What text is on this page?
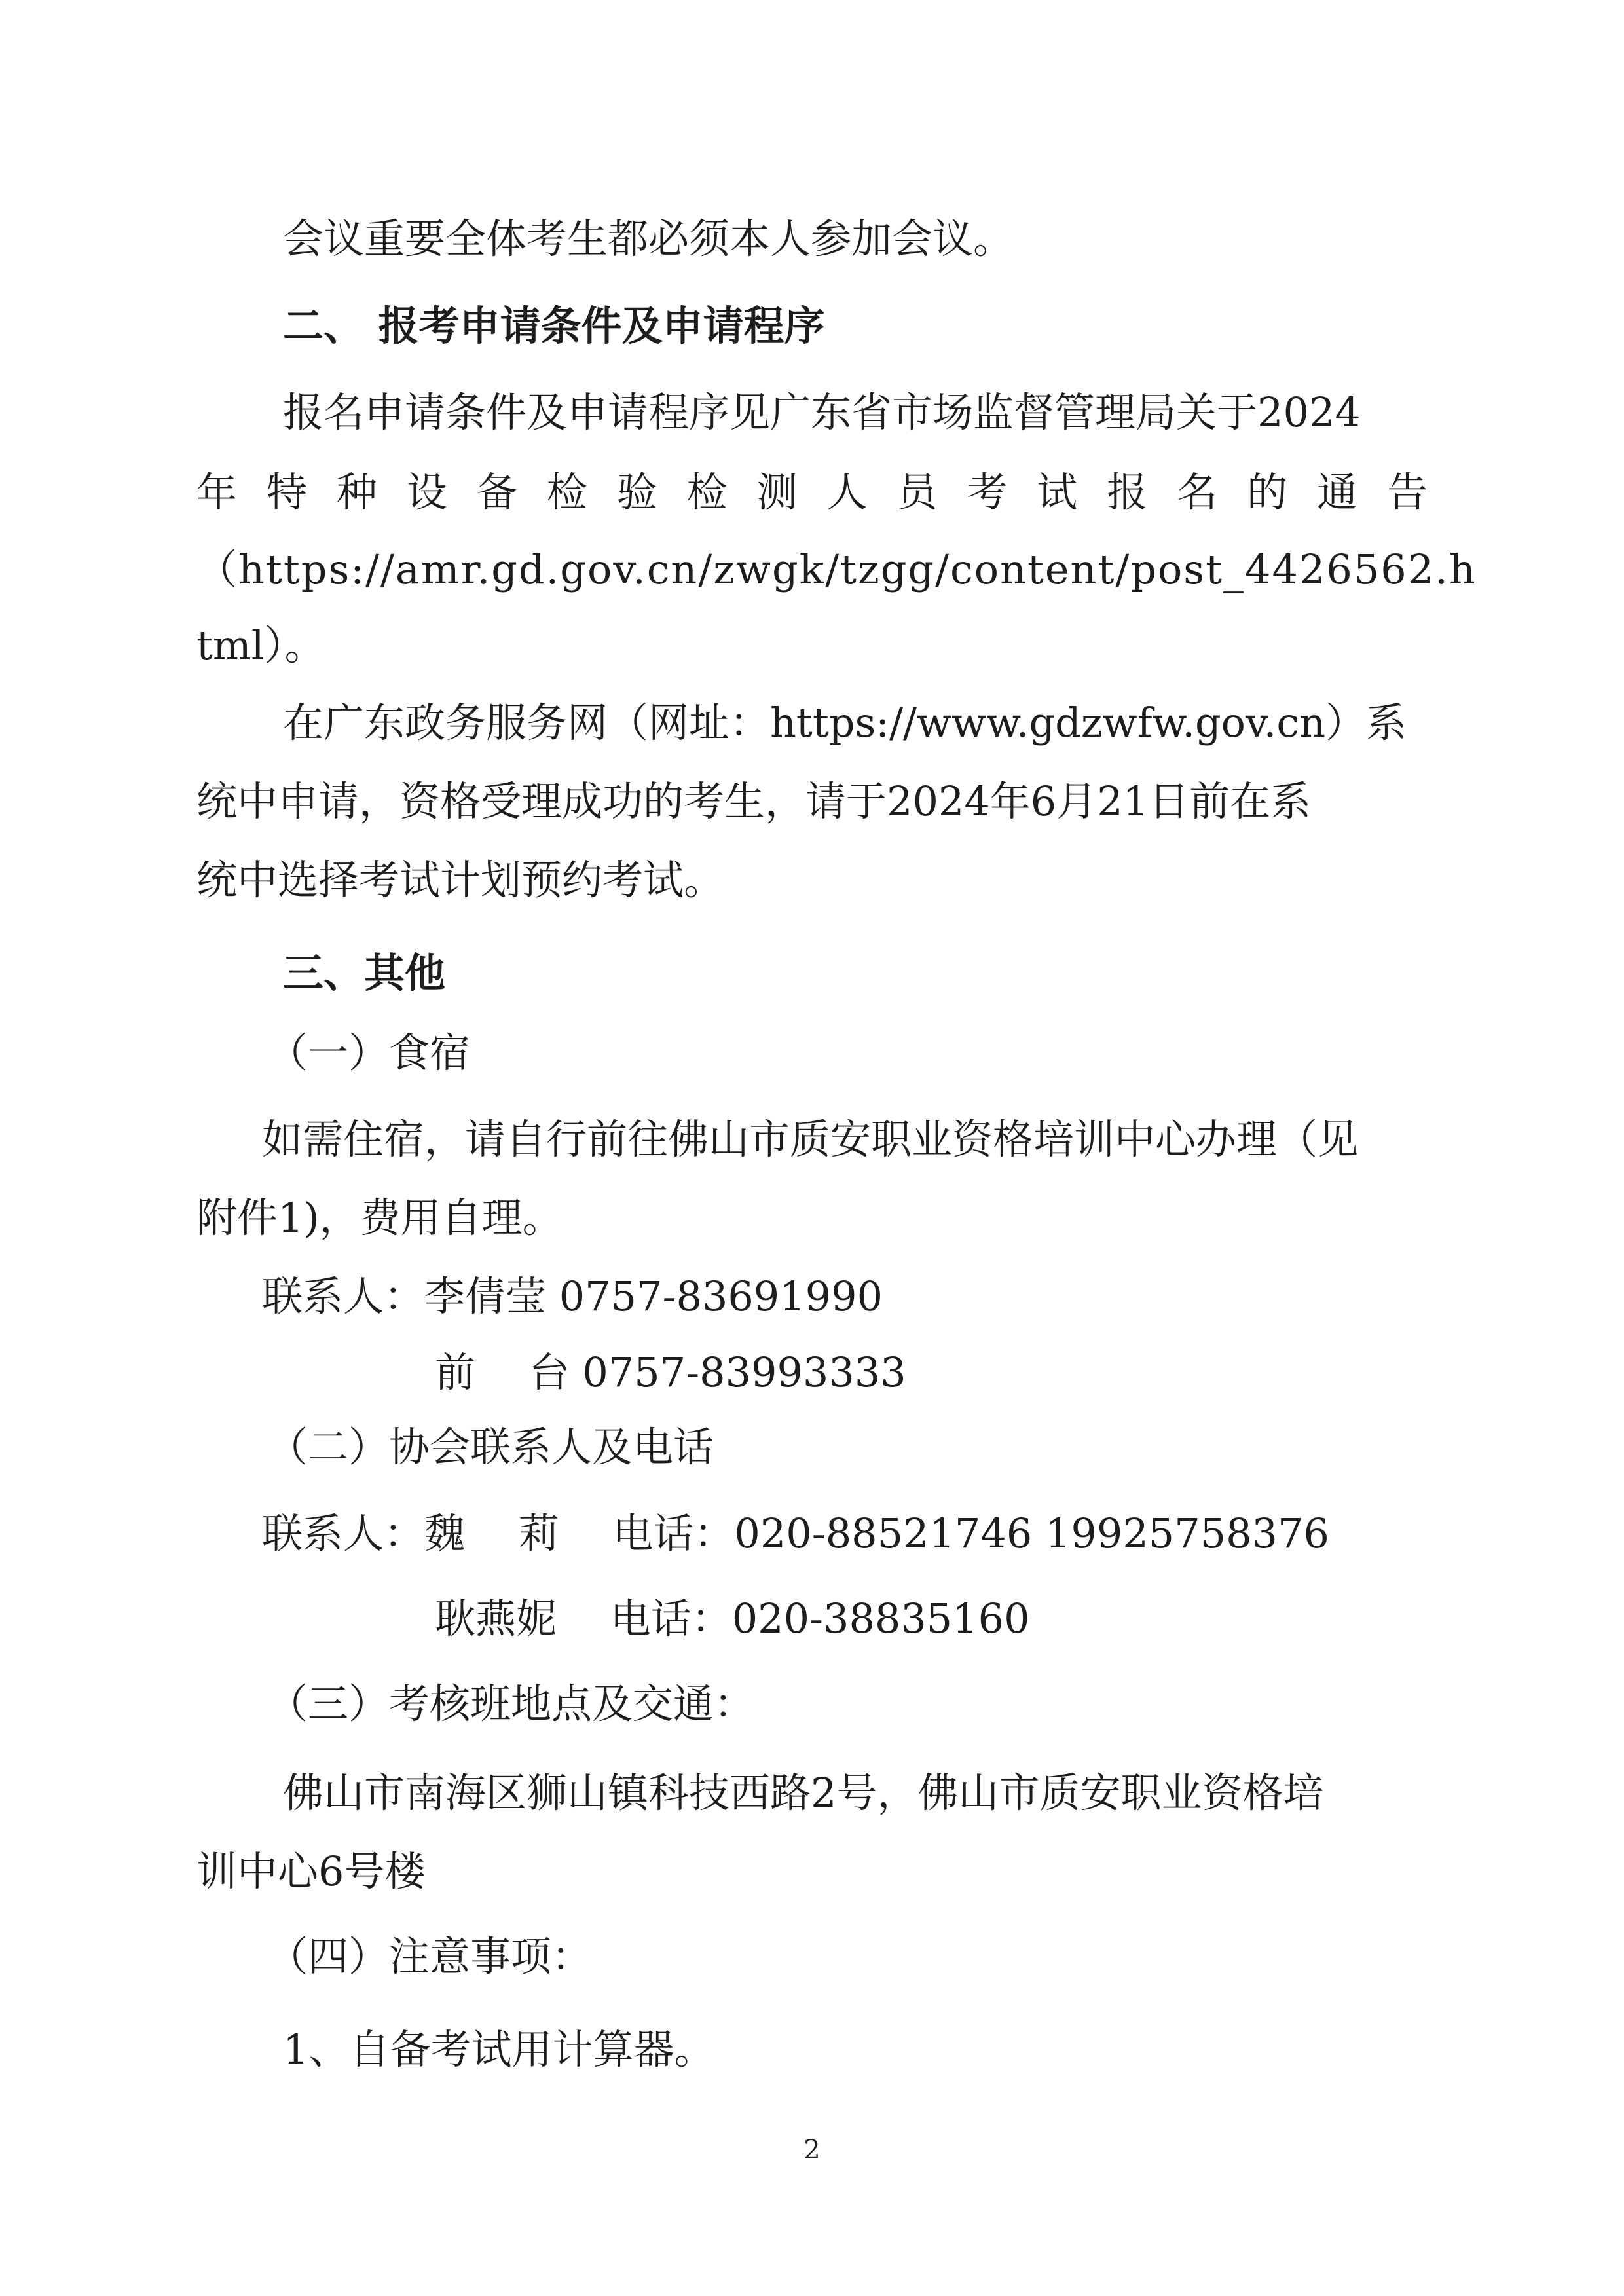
会议重要全体考生都必须本人参加会议。

二、 报考申请条件及申请程序

报名申请条件及申请程序见广东省市场监督管理局关于2024

年特种设备检验检测人员考试报名的通告

（https://amr.gd.gov.cn/zwgk/tzgg/content/post_4426562.h

tml）。

在广东政务服务网（网址：https://www.gdzwfw.gov.cn）系

统中申请，资格受理成功的考生，请于2024年6月21日前在系

统中选择考试计划预约考试。

三、其他

（一）食宿

如需住宿，请自行前往佛山市质安职业资格培训中心办理（见

附件1)，费用自理。

联系人：李倩莹 0757-83691990

前　 台 0757-83993333

（二）协会联系人及电话

联系人：魏　 莉　 电话：020-88521746 19925758376

耿燕妮　 电话：020-38835160

（三）考核班地点及交通：

佛山市南海区狮山镇科技西路2号，佛山市质安职业资格培

训中心6号楼

（四）注意事项：

1、自备考试用计算器。

2
